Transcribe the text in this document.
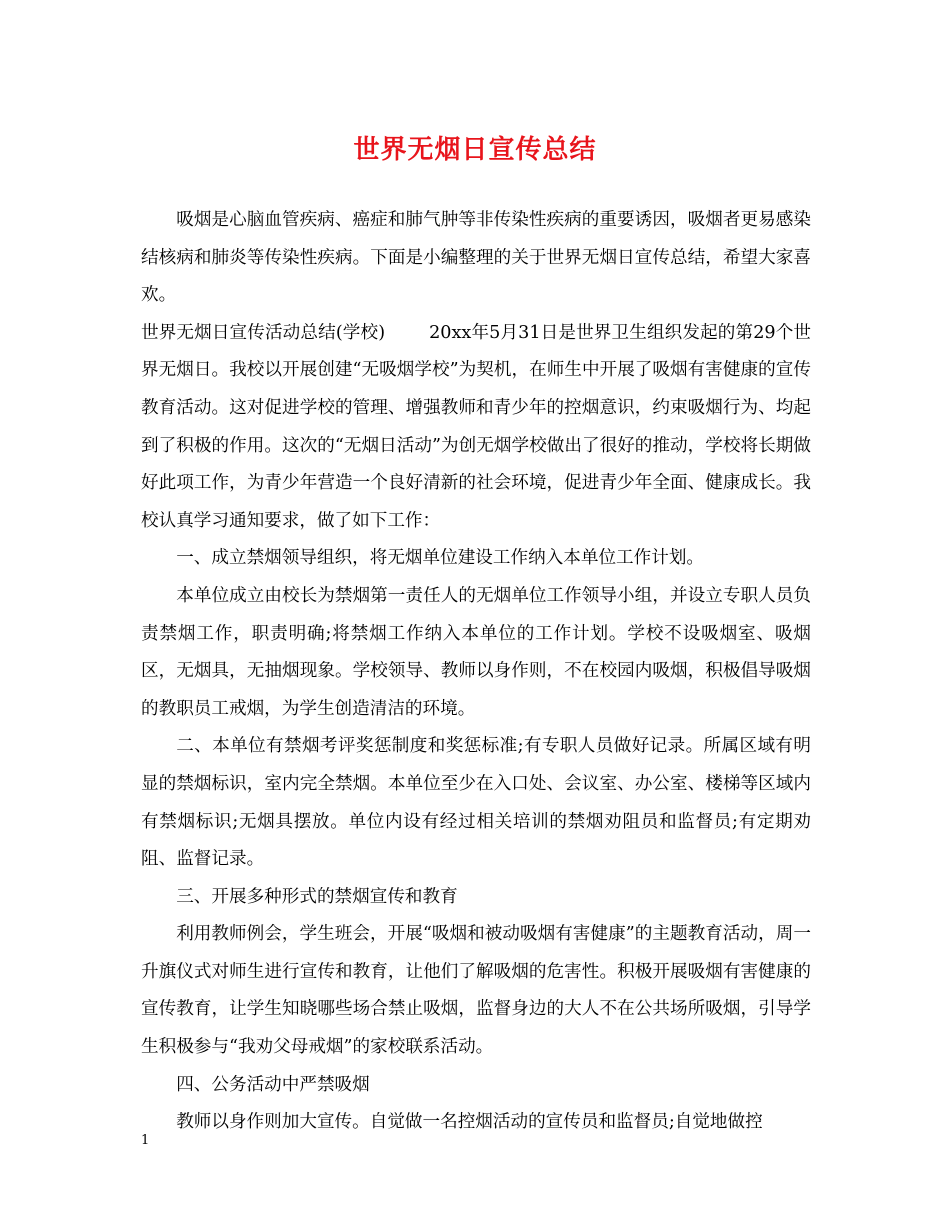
世界无烟日宣传总结

吸烟是心脑血管疾病、癌症和肺气肿等非传染性疾病的重要诱因，吸烟者更易感染结核病和肺炎等传染性疾病。下面是小编整理的关于世界无烟日宣传总结，希望大家喜欢。

世界无烟日宣传活动总结(学校)	20xx年5月31日是世界卫生组织发起的第29个世界无烟日。我校以开展创建“无吸烟学校”为契机，在师生中开展了吸烟有害健康的宣传教育活动。这对促进学校的管理、增强教师和青少年的控烟意识，约束吸烟行为、均起到了积极的作用。这次的“无烟日活动”为创无烟学校做出了很好的推动，学校将长期做好此项工作，为青少年营造一个良好清新的社会环境，促进青少年全面、健康成长。我校认真学习通知要求，做了如下工作：

一、成立禁烟领导组织，将无烟单位建设工作纳入本单位工作计划。

本单位成立由校长为禁烟第一责任人的无烟单位工作领导小组，并设立专职人员负责禁烟工作，职责明确;将禁烟工作纳入本单位的工作计划。学校不设吸烟室、吸烟区，无烟具，无抽烟现象。学校领导、教师以身作则，不在校园内吸烟，积极倡导吸烟的教职员工戒烟，为学生创造清洁的环境。

二、本单位有禁烟考评奖惩制度和奖惩标准;有专职人员做好记录。所属区域有明显的禁烟标识，室内完全禁烟。本单位至少在入口处、会议室、办公室、楼梯等区域内有禁烟标识;无烟具摆放。单位内设有经过相关培训的禁烟劝阻员和监督员;有定期劝阻、监督记录。

三、开展多种形式的禁烟宣传和教育

利用教师例会，学生班会，开展“吸烟和被动吸烟有害健康”的主题教育活动，周一升旗仪式对师生进行宣传和教育，让他们了解吸烟的危害性。积极开展吸烟有害健康的宣传教育，让学生知晓哪些场合禁止吸烟，监督身边的大人不在公共场所吸烟，引导学生积极参与“我劝父母戒烟”的家校联系活动。

四、公务活动中严禁吸烟

教师以身作则加大宣传。自觉做一名控烟活动的宣传员和监督员;自觉地做控

1
